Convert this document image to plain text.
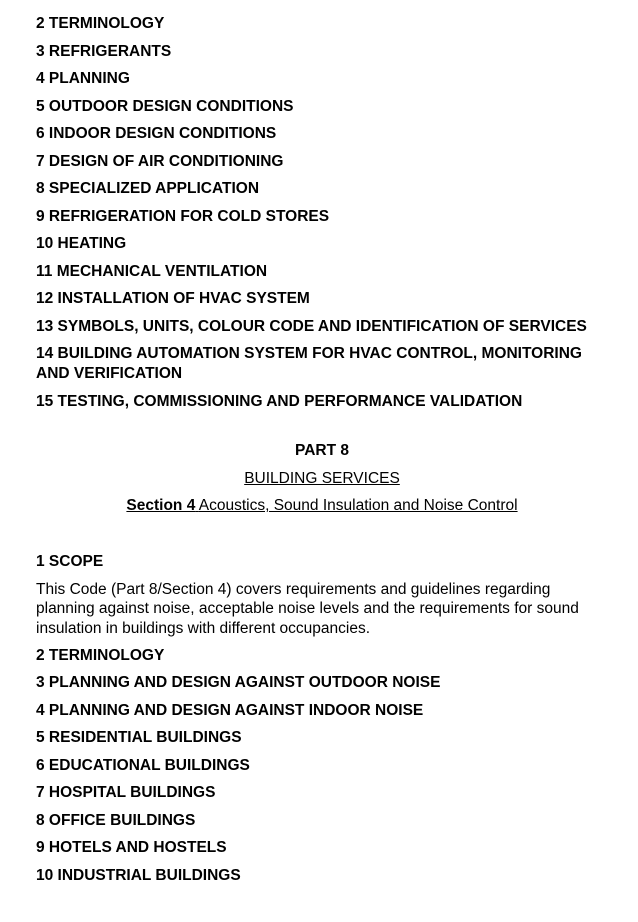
2 TERMINOLOGY
3 REFRIGERANTS
4 PLANNING
5 OUTDOOR DESIGN CONDITIONS
6 INDOOR DESIGN CONDITIONS
7 DESIGN OF AIR CONDITIONING
8 SPECIALIZED APPLICATION
9 REFRIGERATION FOR COLD STORES
10 HEATING
11 MECHANICAL VENTILATION
12 INSTALLATION OF HVAC SYSTEM
13 SYMBOLS, UNITS, COLOUR CODE AND IDENTIFICATION OF SERVICES
14 BUILDING AUTOMATION SYSTEM FOR HVAC CONTROL, MONITORING AND VERIFICATION
15 TESTING, COMMISSIONING AND PERFORMANCE VALIDATION
PART 8
BUILDING SERVICES
Section 4 Acoustics, Sound Insulation and Noise Control
1 SCOPE
This Code (Part 8/Section 4) covers requirements and guidelines regarding planning against noise, acceptable noise levels and the requirements for sound insulation in buildings with different occupancies.
2 TERMINOLOGY
3 PLANNING AND DESIGN AGAINST OUTDOOR NOISE
4 PLANNING AND DESIGN AGAINST INDOOR NOISE
5 RESIDENTIAL BUILDINGS
6 EDUCATIONAL BUILDINGS
7 HOSPITAL BUILDINGS
8 OFFICE BUILDINGS
9 HOTELS AND HOSTELS
10 INDUSTRIAL BUILDINGS
